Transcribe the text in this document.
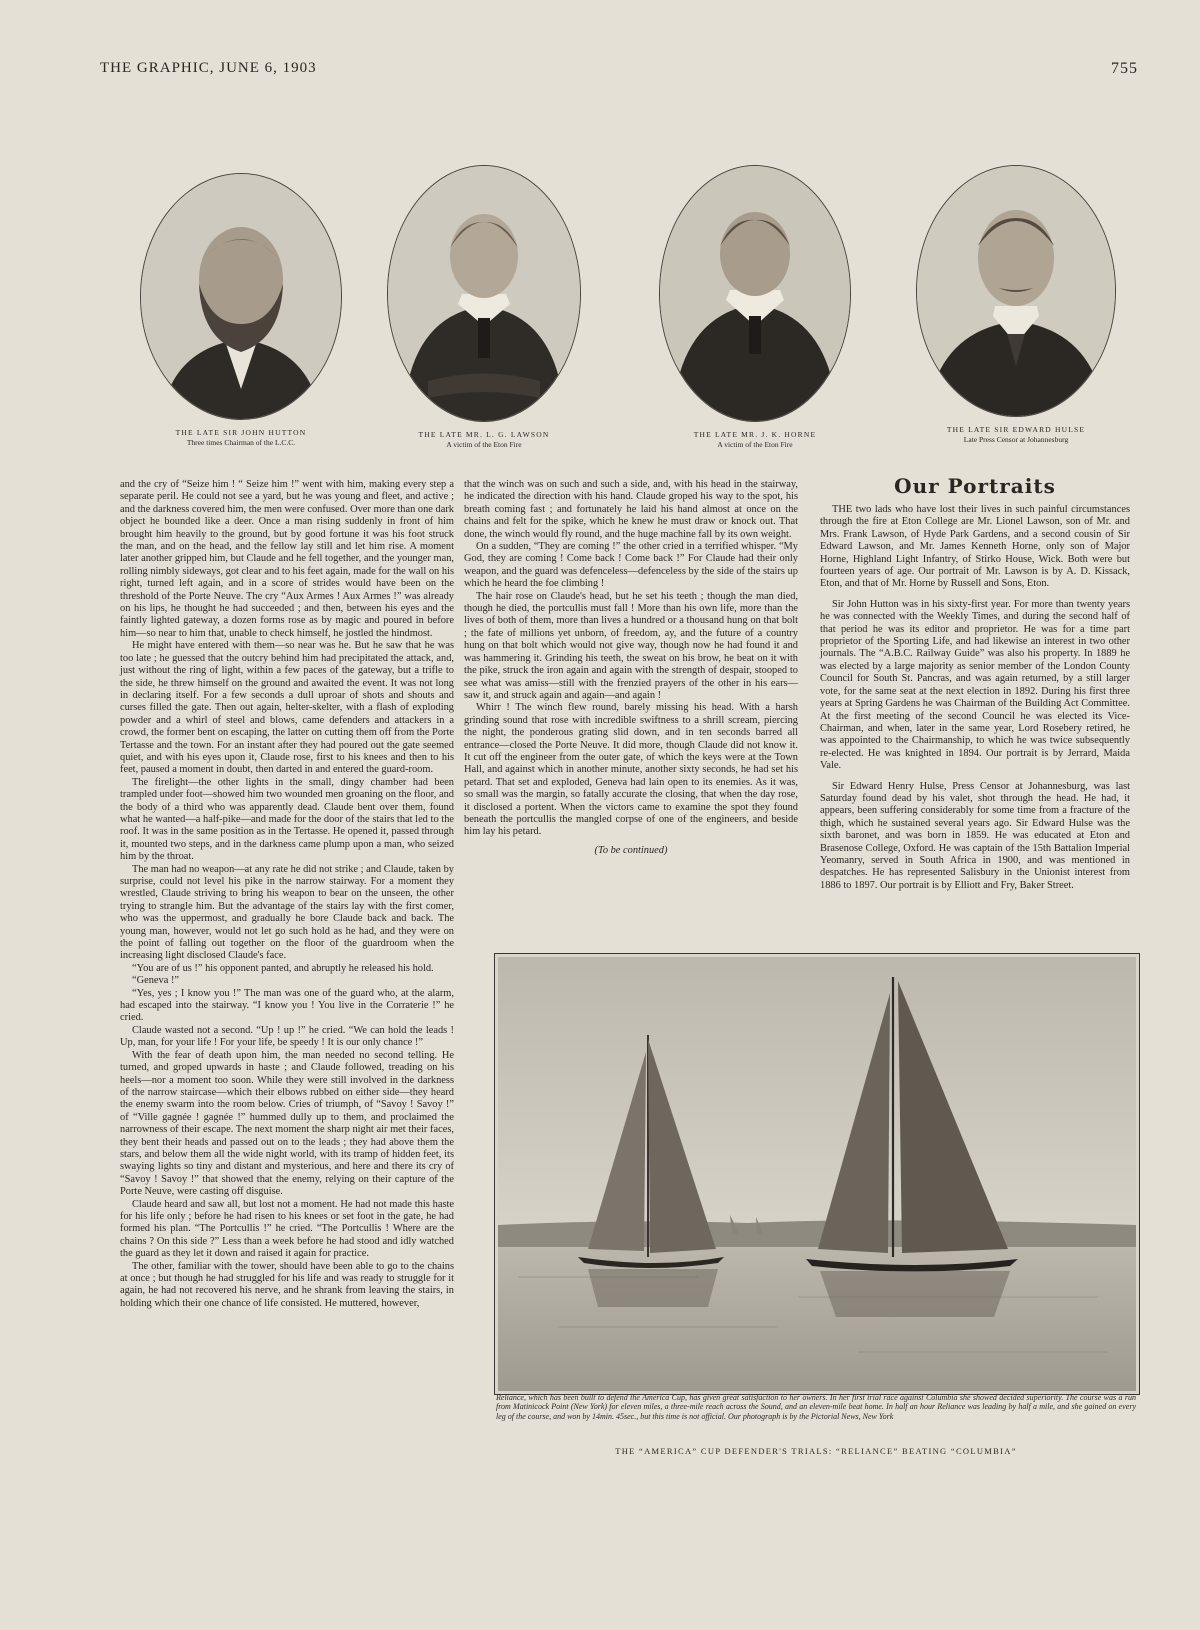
THE GRAPHIC, JUNE 6, 1903	755
THE LATE SIR JOHN HUTTON
Three times Chairman of the L.C.C.
THE LATE MR. L. G. LAWSON
A victim of the Eton Fire
THE LATE MR. J. K. HORNE
A victim of the Eton Fire
THE LATE SIR EDWARD HULSE
Late Press Censor at Johannesburg

and the cry of “Seize him ! “ Seize him !” went with him, making every step a separate peril. He could not see a yard, but he was young and fleet, and active ; and the darkness covered him, the men were confused. Over more than one dark object he bounded like a deer. Once a man rising suddenly in front of him brought him heavily to the ground, but by good fortune it was his foot struck the man, and on the head, and the fellow lay still and let him rise. A moment later another gripped him, but Claude and he fell together, and the younger man, rolling nimbly sideways, got clear and to his feet again, made for the wall on his right, turned left again, and in a score of strides would have been on the threshold of the Porte Neuve. The cry “Aux Armes ! Aux Armes !” was already on his lips, he thought he had succeeded ; and then, between his eyes and the faintly lighted gateway, a dozen forms rose as by magic and poured in before him—so near to him that, unable to check himself, he jostled the hindmost.

He might have entered with them—so near was he. But he saw that he was too late ; he guessed that the outcry behind him had precipitated the attack, and, just without the ring of light, within a few paces of the gateway, but a trifle to the side, he threw himself on the ground and awaited the event. It was not long in declaring itself. For a few seconds a dull uproar of shots and shouts and curses filled the gate. Then out again, helter-skelter, with a flash of exploding powder and a whirl of steel and blows, came defenders and attackers in a crowd, the former bent on escaping, the latter on cutting them off from the Porte Tertasse and the town. For an instant after they had poured out the gate seemed quiet, and with his eyes upon it, Claude rose, first to his knees and then to his feet, paused a moment in doubt, then darted in and entered the guard-room.

The firelight—the other lights in the small, dingy chamber had been trampled under foot—showed him two wounded men groaning on the floor, and the body of a third who was apparently dead. Claude bent over them, found what he wanted—a half-pike—and made for the door of the stairs that led to the roof. It was in the same position as in the Tertasse. He opened it, passed through it, mounted two steps, and in the darkness came plump upon a man, who seized him by the throat.

The man had no weapon—at any rate he did not strike ; and Claude, taken by surprise, could not level his pike in the narrow stairway. For a moment they wrestled, Claude striving to bring his weapon to bear on the unseen, the other trying to strangle him. But the advantage of the stairs lay with the first comer, who was the uppermost, and gradually he bore Claude back and back. The young man, however, would not let go such hold as he had, and they were on the point of falling out together on the floor of the guardroom when the increasing light disclosed Claude's face.

“You are of us !” his opponent panted, and abruptly he released his hold.

“Geneva !”

“Yes, yes ; I know you !” The man was one of the guard who, at the alarm, had escaped into the stairway. “I know you ! You live in the Corraterie !” he cried.

Claude wasted not a second. “Up ! up !” he cried. “We can hold the leads ! Up, man, for your life ! For your life, be speedy ! It is our only chance !”

With the fear of death upon him, the man needed no second telling. He turned, and groped upwards in haste ; and Claude followed, treading on his heels—nor a moment too soon. While they were still involved in the darkness of the narrow staircase—which their elbows rubbed on either side—they heard the enemy swarm into the room below. Cries of triumph, of “Savoy ! Savoy !” of “Ville gagnée ! gagnée !” hummed dully up to them, and proclaimed the narrowness of their escape. The next moment the sharp night air met their faces, they bent their heads and passed out on to the leads ; they had above them the stars, and below them all the wide night world, with its tramp of hidden feet, its swaying lights so tiny and distant and mysterious, and here and there its cry of “Savoy ! Savoy !” that showed that the enemy, relying on their capture of the Porte Neuve, were casting off disguise.

Claude heard and saw all, but lost not a moment. He had not made this haste for his life only ; before he had risen to his knees or set foot in the gate, he had formed his plan. “The Portcullis !” he cried. “The Portcullis ! Where are the chains ? On this side ?” Less than a week before he had stood and idly watched the guard as they let it down and raised it again for practice.

The other, familiar with the tower, should have been able to go to the chains at once ; but though he had struggled for his life and was ready to struggle for it again, he had not recovered his nerve, and he shrank from leaving the stairs, in holding which their one chance of life consisted. He muttered, however,

that the winch was on such and such a side, and, with his head in the stairway, he indicated the direction with his hand. Claude groped his way to the spot, his breath coming fast ; and fortunately he laid his hand almost at once on the chains and felt for the spike, which he knew he must draw or knock out. That done, the winch would fly round, and the huge machine fall by its own weight.

On a sudden, “They are coming !” the other cried in a terrified whisper. “My God, they are coming ! Come back ! Come back !” For Claude had their only weapon, and the guard was defenceless—defenceless by the side of the stairs up which he heard the foe climbing !

The hair rose on Claude's head, but he set his teeth ; though the man died, though he died, the portcullis must fall ! More than his own life, more than the lives of both of them, more than lives a hundred or a thousand hung on that bolt ; the fate of millions yet unborn, of freedom, ay, and the future of a country hung on that bolt which would not give way, though now he had found it and was hammering it. Grinding his teeth, the sweat on his brow, he beat on it with the pike, struck the iron again and again with the strength of despair, stooped to see what was amiss—still with the frenzied prayers of the other in his ears—saw it, and struck again and again—and again !

Whirr ! The winch flew round, barely missing his head. With a harsh grinding sound that rose with incredible swiftness to a shrill scream, piercing the night, the ponderous grating slid down, and in ten seconds barred all entrance—closed the Porte Neuve. It did more, though Claude did not know it. It cut off the engineer from the outer gate, of which the keys were at the Town Hall, and against which in another minute, another sixty seconds, he had set his petard. That set and exploded, Geneva had lain open to its enemies. As it was, so small was the margin, so fatally accurate the closing, that when the day rose, it disclosed a portent. When the victors came to examine the spot they found beneath the portcullis the mangled corpse of one of the engineers, and beside him lay his petard.

(To be continued)
Our Portraits

THE two lads who have lost their lives in such painful circumstances through the fire at Eton College are Mr. Lionel Lawson, son of Mr. and Mrs. Frank Lawson, of Hyde Park Gardens, and a second cousin of Sir Edward Lawson, and Mr. James Kenneth Horne, only son of Major Horne, Highland Light Infantry, of Stirko House, Wick. Both were but fourteen years of age. Our portrait of Mr. Lawson is by A. D. Kissack, Eton, and that of Mr. Horne by Russell and Sons, Eton.

Sir John Hutton was in his sixty-first year. For more than twenty years he was connected with the Weekly Times, and during the second half of that period he was its editor and proprietor. He was for a time part proprietor of the Sporting Life, and had likewise an interest in two other journals. The “A.B.C. Railway Guide” was also his property. In 1889 he was elected by a large majority as senior member of the London County Council for South St. Pancras, and was again returned, by a still larger vote, for the same seat at the next election in 1892. During his first three years at Spring Gardens he was Chairman of the Building Act Committee. At the first meeting of the second Council he was elected its Vice-Chairman, and when, later in the same year, Lord Rosebery retired, he was appointed to the Chairmanship, to which he was twice subsequently re-elected. He was knighted in 1894. Our portrait is by Jerrard, Maida Vale.

Sir Edward Henry Hulse, Press Censor at Johannesburg, was last Saturday found dead by his valet, shot through the head. He had, it appears, been suffering considerably for some time from a fracture of the thigh, which he sustained several years ago. Sir Edward Hulse was the sixth baronet, and was born in 1859. He was educated at Eton and Brasenose College, Oxford. He was captain of the 15th Battalion Imperial Yeomanry, served in South Africa in 1900, and was mentioned in despatches. He has represented Salisbury in the Unionist interest from 1886 to 1897. Our portrait is by Elliott and Fry, Baker Street.

Reliance, which has been built to defend the America Cup, has given great satisfaction to her owners. In her first trial race against Columbia she showed decided superiority. The course was a run from Matinicock Point (New York) for eleven miles, a three-mile reach across the Sound, and an eleven-mile beat home. In half an hour Reliance was leading by half a mile, and she gained on every leg of the course, and won by 14min. 45sec., but this time is not official. Our photograph is by the Pictorial News, New York
THE “AMERICA” CUP DEFENDER'S TRIALS: “RELIANCE” BEATING “COLUMBIA”
